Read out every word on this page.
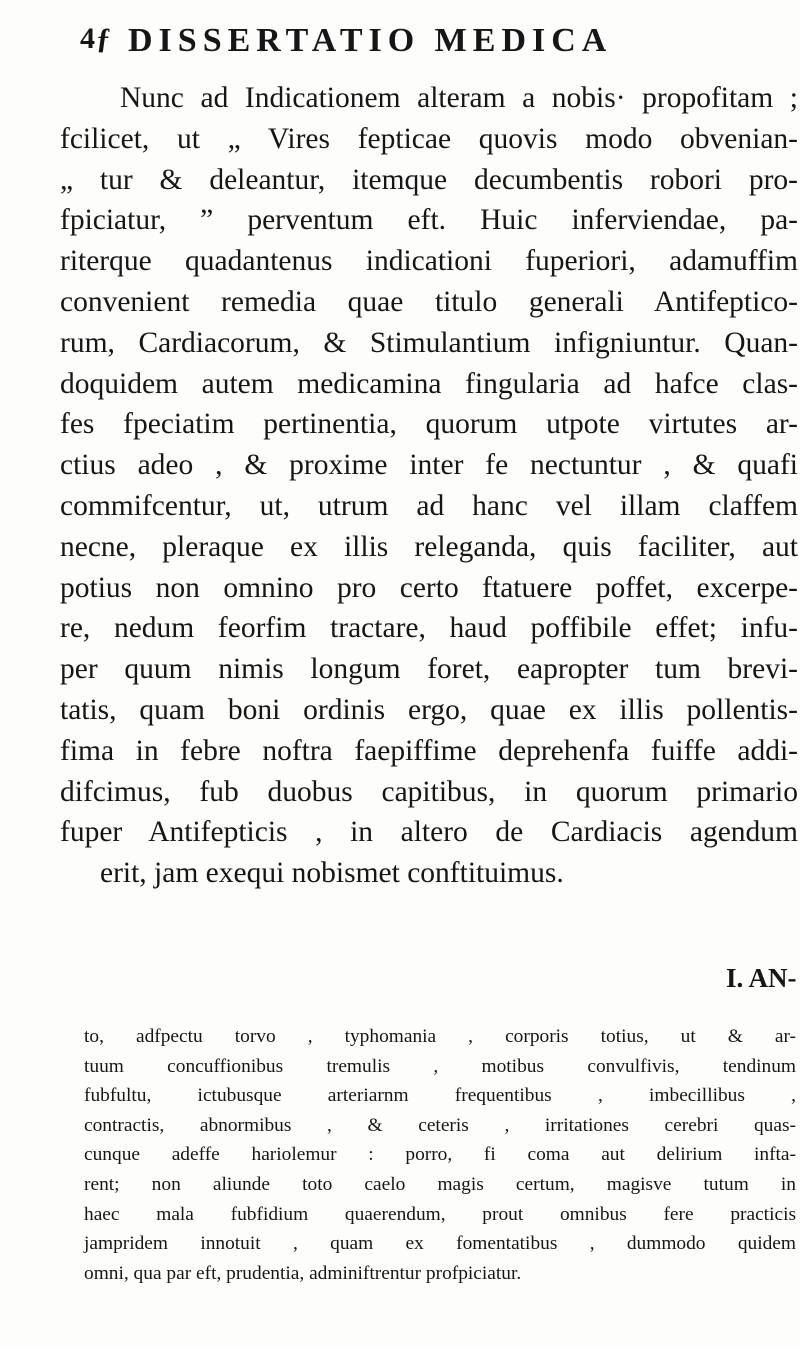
4ƒ DISSERTATIO MEDICA

Nunc ad Indicationem alteram a nobis· propofitam ;
fcilicet, ut „ Vires fepticae quovis modo obvenian-
„ tur & deleantur, itemque decumbentis robori pro-
fpiciatur, ” perventum eft. Huic inferviendae, pa-
riterque quadantenus indicationi fuperiori, adamuffim
convenient remedia quae titulo generali Antifeptico-
rum, Cardiacorum, & Stimulantium infigniuntur. Quan-
doquidem autem medicamina fingularia ad hafce clas-
fes fpeciatim pertinentia, quorum utpote virtutes ar-
ctius adeo , & proxime inter fe nectuntur , & quafi
commifcentur, ut, utrum ad hanc vel illam claffem
necne, pleraque ex illis releganda, quis faciliter, aut
potius non omnino pro certo ftatuere poffet, excerpe-
re, nedum feorfim tractare, haud poffibile effet; infu-
per quum nimis longum foret, eapropter tum brevi-
tatis, quam boni ordinis ergo, quae ex illis pollentis-
fima in febre noftra faepiffime deprehenfa fuiffe addi-
difcimus, fub duobus capitibus, in quorum primario
fuper Antifepticis , in altero de Cardiacis agendum
erit, jam exequi nobismet conftituimus.

I. AN-

to, adfpectu torvo , typhomania , corporis totius, ut & ar-
tuum concuffionibus tremulis , motibus convulfivis, tendinum
fubfultu, ictubusque arteriarnm frequentibus , imbecillibus ,
contractis, abnormibus , & ceteris , irritationes cerebri quas-
cunque adeffe hariolemur : porro, fi coma aut delirium infta-
rent; non aliunde toto caelo magis certum, magisve tutum in
haec mala fubfidium quaerendum, prout omnibus fere practicis
jampridem innotuit , quam ex fomentatibus , dummodo quidem
omni, qua par eft, prudentia, adminiftrentur profpiciatur.
